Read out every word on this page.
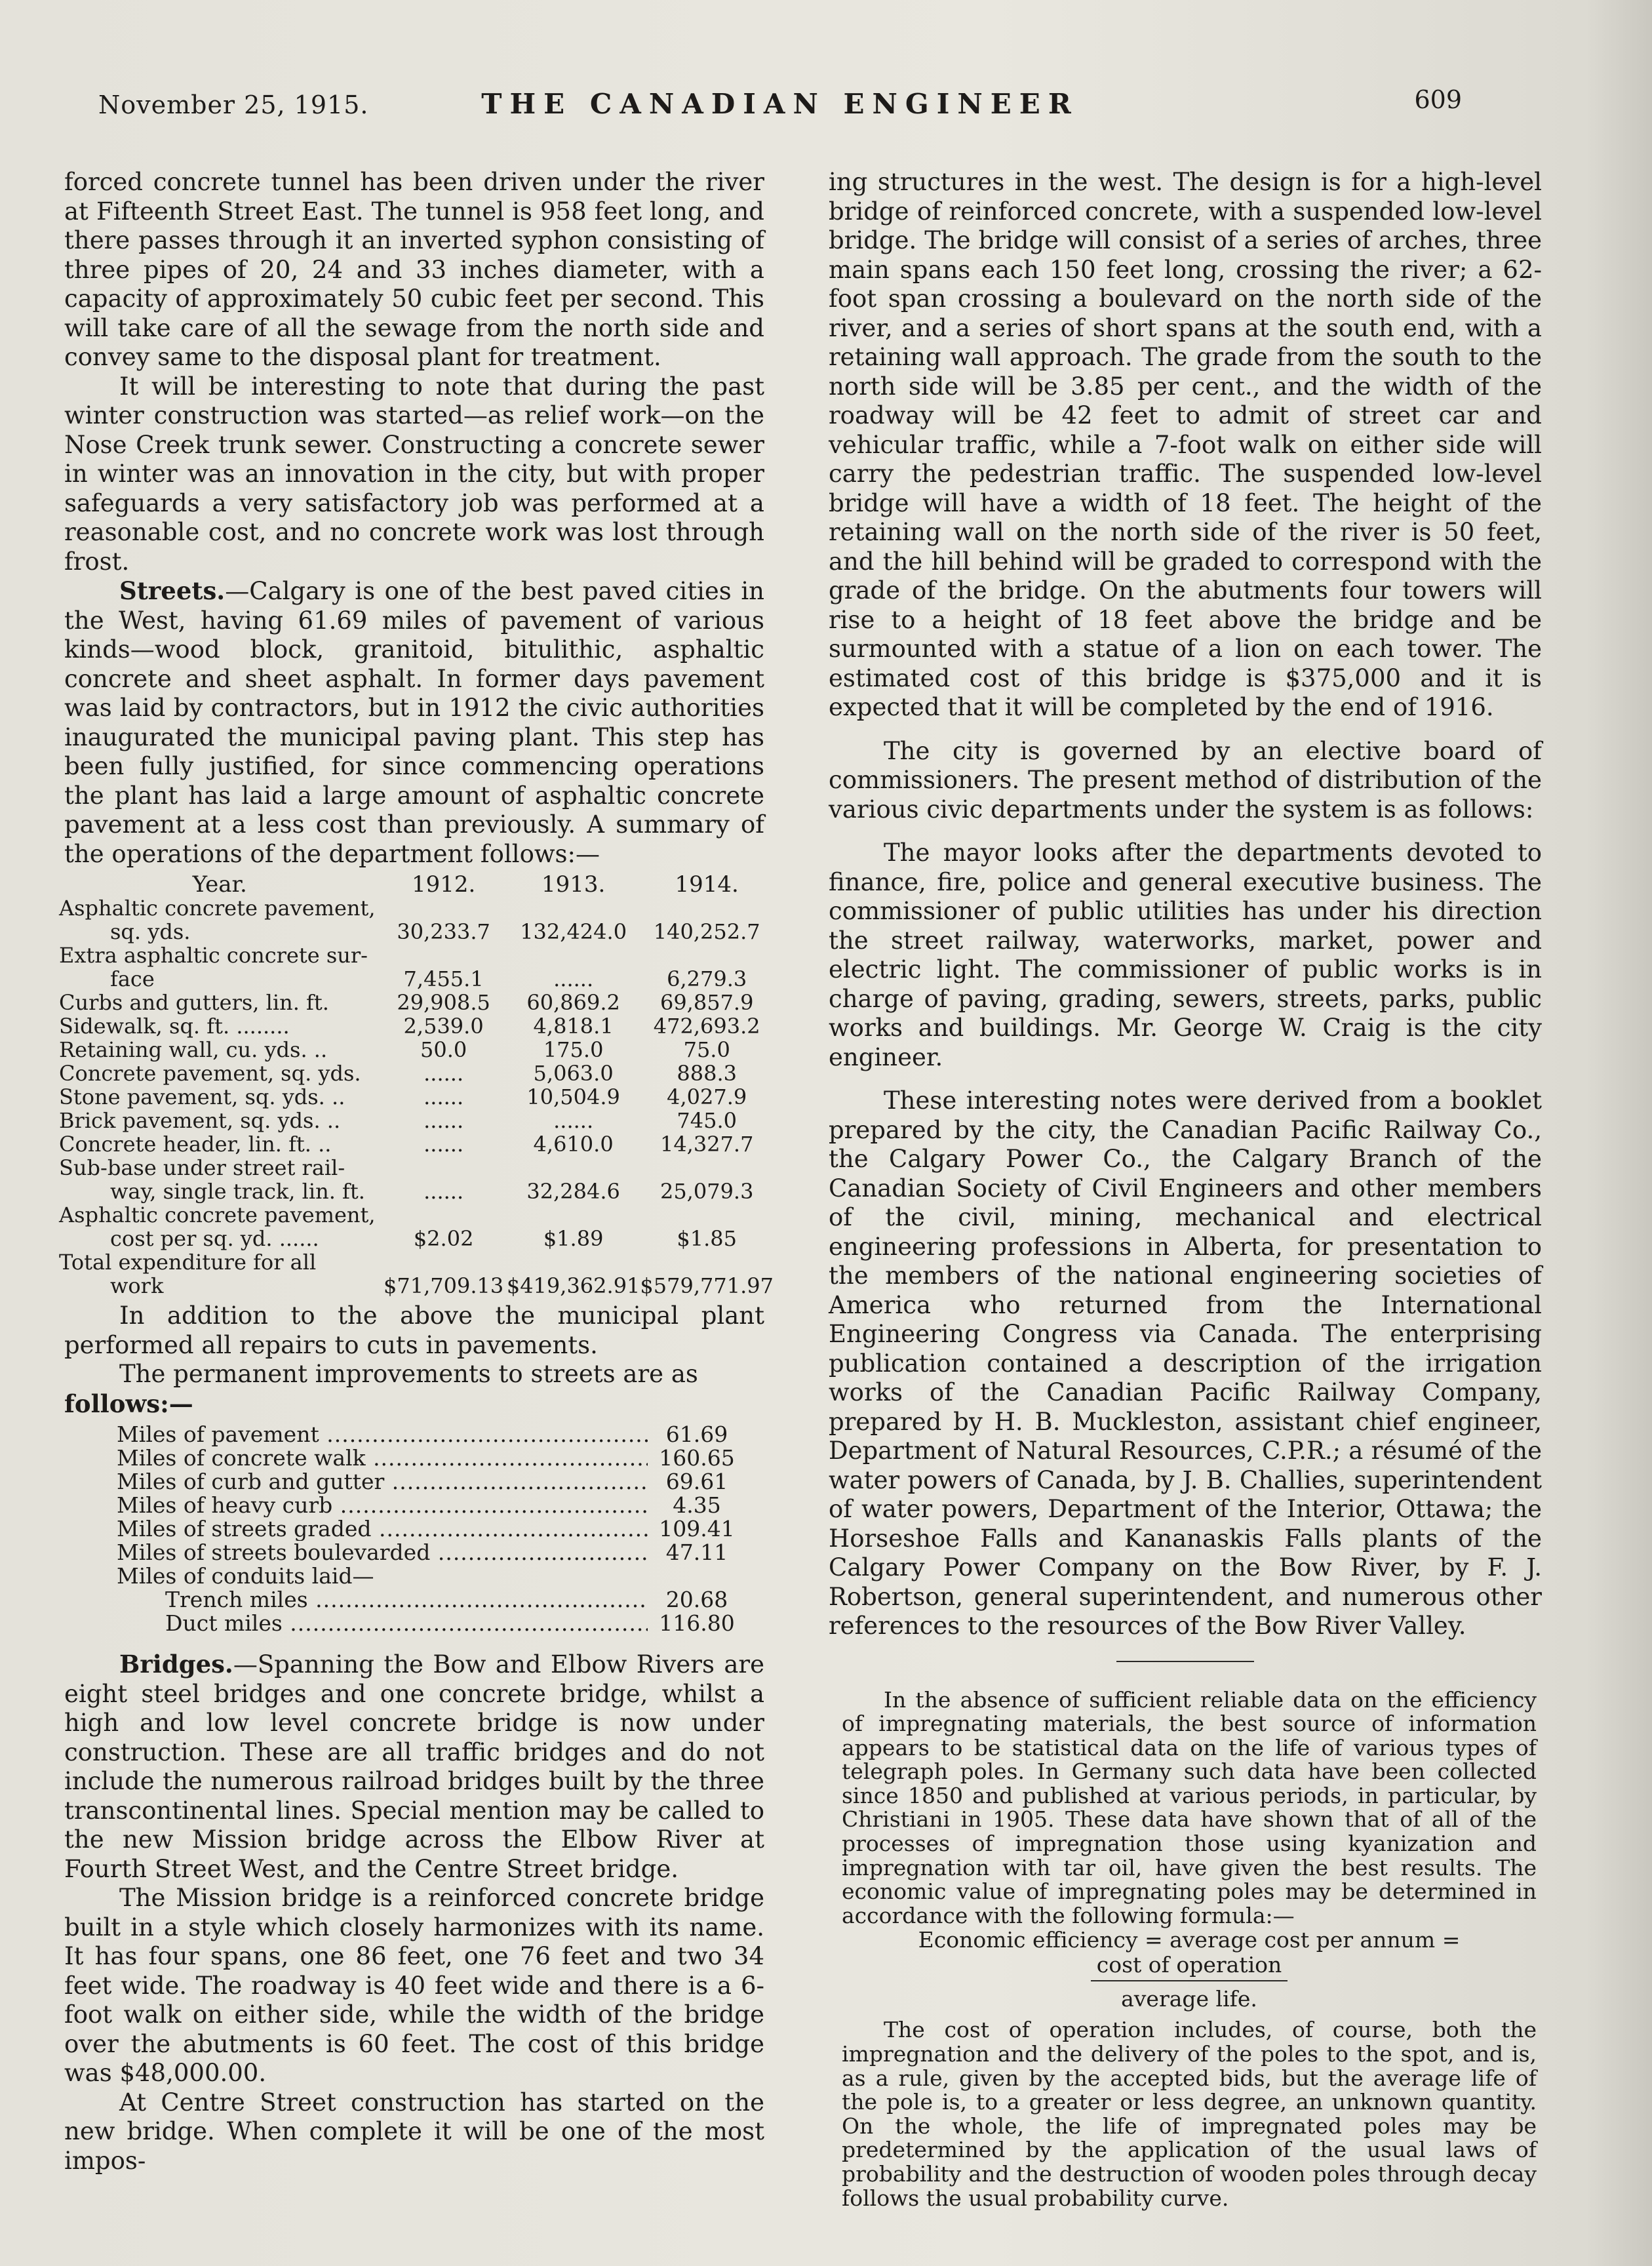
November 25, 1915.	THE CANADIAN ENGINEER	609

forced concrete tunnel has been driven under the river at Fifteenth Street East. The tunnel is 958 feet long, and there passes through it an inverted syphon consisting of three pipes of 20, 24 and 33 inches diameter, with a capacity of approximately 50 cubic feet per second. This will take care of all the sewage from the north side and convey same to the disposal plant for treatment.

It will be interesting to note that during the past winter construction was started—as relief work—on the Nose Creek trunk sewer. Constructing a concrete sewer in winter was an innovation in the city, but with proper safeguards a very satisfactory job was performed at a reasonable cost, and no concrete work was lost through frost.

Streets.—Calgary is one of the best paved cities in the West, having 61.69 miles of pavement of various kinds—wood block, granitoid, bitulithic, asphaltic concrete and sheet asphalt. In former days pavement was laid by contractors, but in 1912 the civic authorities inaugurated the municipal paving plant. This step has been fully justified, for since commencing operations the plant has laid a large amount of asphaltic concrete pavement at a less cost than previously. A summary of the operations of the department follows:—

Year.	1912.	1913.	1914.
Asphaltic concrete pavement,			
sq. yds.	30,233.7	132,424.0	140,252.7
Extra asphaltic concrete sur-			
face	7,455.1	......	6,279.3
Curbs and gutters, lin. ft.	29,908.5	60,869.2	69,857.9
Sidewalk, sq. ft. ........	2,539.0	4,818.1	472,693.2
Retaining wall, cu. yds. ..	50.0	175.0	75.0
Concrete pavement, sq. yds.	......	5,063.0	888.3
Stone pavement, sq. yds. ..	......	10,504.9	4,027.9
Brick pavement, sq. yds. ..	......	......	745.0
Concrete header, lin. ft. ..	......	4,610.0	14,327.7
Sub-base under street rail-			
way, single track, lin. ft.	......	32,284.6	25,079.3
Asphaltic concrete pavement,			
cost per sq. yd. ......	$2.02	$1.89	$1.85
Total expenditure for all			
work	$71,709.13	$419,362.91	$579,771.97

In addition to the above the municipal plant performed all repairs to cuts in pavements.

The permanent improvements to streets are as

follows:—

Miles of pavement .....	61.69
Miles of concrete walk .....	160.65
Miles of curb and gutter .....	69.61
Miles of heavy curb .....	4.35
Miles of streets graded .....	109.41
Miles of streets boulevarded .....	47.11
Miles of conduits laid—
Trench miles .....	20.68
Duct miles .....	116.80

Bridges.—Spanning the Bow and Elbow Rivers are eight steel bridges and one concrete bridge, whilst a high and low level concrete bridge is now under construction. These are all traffic bridges and do not include the numerous railroad bridges built by the three transcontinental lines. Special mention may be called to the new Mission bridge across the Elbow River at Fourth Street West, and the Centre Street bridge.

The Mission bridge is a reinforced concrete bridge built in a style which closely harmonizes with its name. It has four spans, one 86 feet, one 76 feet and two 34 feet wide. The roadway is 40 feet wide and there is a 6-foot walk on either side, while the width of the bridge over the abutments is 60 feet. The cost of this bridge was $48,000.00.

At Centre Street construction has started on the new bridge. When complete it will be one of the most impos-

ing structures in the west. The design is for a high-level bridge of reinforced concrete, with a suspended low-level bridge. The bridge will consist of a series of arches, three main spans each 150 feet long, crossing the river; a 62-foot span crossing a boulevard on the north side of the river, and a series of short spans at the south end, with a retaining wall approach. The grade from the south to the north side will be 3.85 per cent., and the width of the roadway will be 42 feet to admit of street car and vehicular traffic, while a 7-foot walk on either side will carry the pedestrian traffic. The suspended low-level bridge will have a width of 18 feet. The height of the retaining wall on the north side of the river is 50 feet, and the hill behind will be graded to correspond with the grade of the bridge. On the abutments four towers will rise to a height of 18 feet above the bridge and be surmounted with a statue of a lion on each tower. The estimated cost of this bridge is $375,000 and it is expected that it will be completed by the end of 1916.

The city is governed by an elective board of commissioners. The present method of distribution of the various civic departments under the system is as follows:

The mayor looks after the departments devoted to finance, fire, police and general executive business. The commissioner of public utilities has under his direction the street railway, waterworks, market, power and electric light. The commissioner of public works is in charge of paving, grading, sewers, streets, parks, public works and buildings. Mr. George W. Craig is the city engineer.

These interesting notes were derived from a booklet prepared by the city, the Canadian Pacific Railway Co., the Calgary Power Co., the Calgary Branch of the Canadian Society of Civil Engineers and other members of the civil, mining, mechanical and electrical engineering professions in Alberta, for presentation to the members of the national engineering societies of America who returned from the International Engineering Congress via Canada. The enterprising publication contained a description of the irrigation works of the Canadian Pacific Railway Company, prepared by H. B. Muckleston, assistant chief engineer, Department of Natural Resources, C.P.R.; a résumé of the water powers of Canada, by J. B. Challies, superintendent of water powers, Department of the Interior, Ottawa; the Horseshoe Falls and Kananaskis Falls plants of the Calgary Power Company on the Bow River, by F. J. Robertson, general superintendent, and numerous other references to the resources of the Bow River Valley.

In the absence of sufficient reliable data on the efficiency of impregnating materials, the best source of information appears to be statistical data on the life of various types of telegraph poles. In Germany such data have been collected since 1850 and published at various periods, in particular, by Christiani in 1905. These data have shown that of all of the processes of impregnation those using kyanization and impregnation with tar oil, have given the best results. The economic value of impregnating poles may be determined in accordance with the following formula:—

Economic efficiency = average cost per annum =
cost of operation
average life.

The cost of operation includes, of course, both the impregnation and the delivery of the poles to the spot, and is, as a rule, given by the accepted bids, but the average life of the pole is, to a greater or less degree, an unknown quantity. On the whole, the life of impregnated poles may be predetermined by the application of the usual laws of probability and the destruction of wooden poles through decay follows the usual probability curve.
